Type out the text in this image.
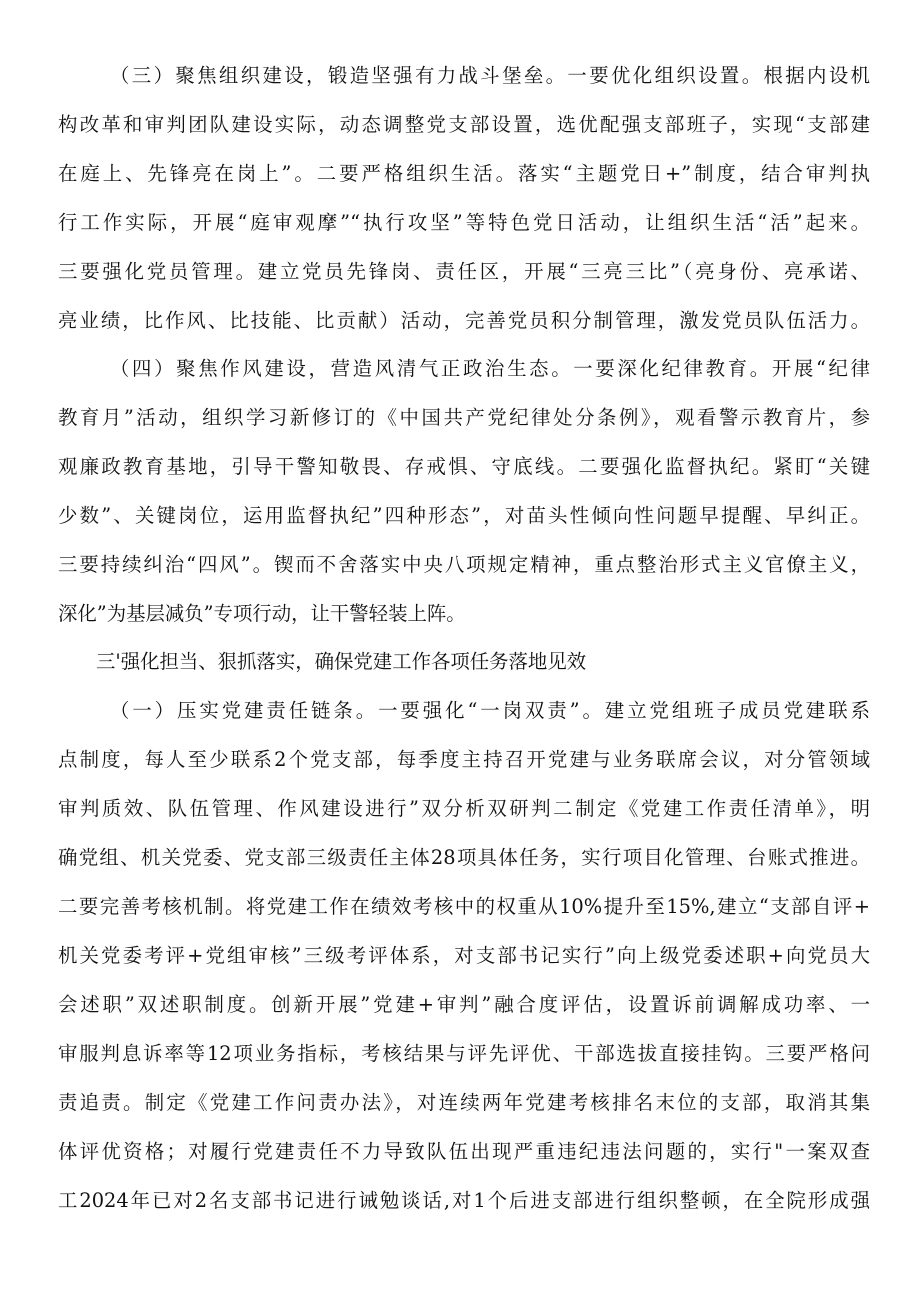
（三）聚焦组织建设，锻造坚强有力战斗堡垒。一要优化组织设置。根据内设机
构改革和审判团队建设实际，动态调整党支部设置，选优配强支部班子，实现“支部建
在庭上、先锋亮在岗上”。二要严格组织生活。落实“主题党日+”制度，结合审判执
行工作实际，开展“庭审观摩”“执行攻坚”等特色党日活动，让组织生活“活”起来。
三要强化党员管理。建立党员先锋岗、责任区，开展“三亮三比”（亮身份、亮承诺、
亮业绩，比作风、比技能、比贡献）活动，完善党员积分制管理，激发党员队伍活力。
（四）聚焦作风建设，营造风清气正政治生态。一要深化纪律教育。开展“纪律
教育月”活动，组织学习新修订的《中国共产党纪律处分条例》，观看警示教育片，参
观廉政教育基地，引导干警知敬畏、存戒惧、守底线。二要强化监督执纪。紧盯“关键
少数”、关键岗位，运用监督执纪”四种形态”，对苗头性倾向性问题早提醒、早纠正。
三要持续纠治“四风”。锲而不舍落实中央八项规定精神，重点整治形式主义官僚主义，
深化”为基层减负”专项行动，让干警轻装上阵。
三'强化担当、狠抓落实，确保党建工作各项任务落地见效
（一）压实党建责任链条。一要强化“一岗双责”。建立党组班子成员党建联系
点制度，每人至少联系2个党支部，每季度主持召开党建与业务联席会议，对分管领域
审判质效、队伍管理、作风建设进行”双分析双研判二制定《党建工作责任清单》，明
确党组、机关党委、党支部三级责任主体28项具体任务，实行项目化管理、台账式推进。
二要完善考核机制。将党建工作在绩效考核中的权重从10%提升至15%,建立“支部自评+
机关党委考评+党组审核”三级考评体系，对支部书记实行”向上级党委述职+向党员大
会述职”双述职制度。创新开展”党建+审判”融合度评估，设置诉前调解成功率、一
审服判息诉率等12项业务指标，考核结果与评先评优、干部选拔直接挂钩。三要严格问
责追责。制定《党建工作问责办法》，对连续两年党建考核排名末位的支部，取消其集
体评优资格；对履行党建责任不力导致队伍出现严重违纪违法问题的，实行"一案双查
工2024年已对2名支部书记进行诫勉谈话,对1个后进支部进行组织整顿，在全院形成强
